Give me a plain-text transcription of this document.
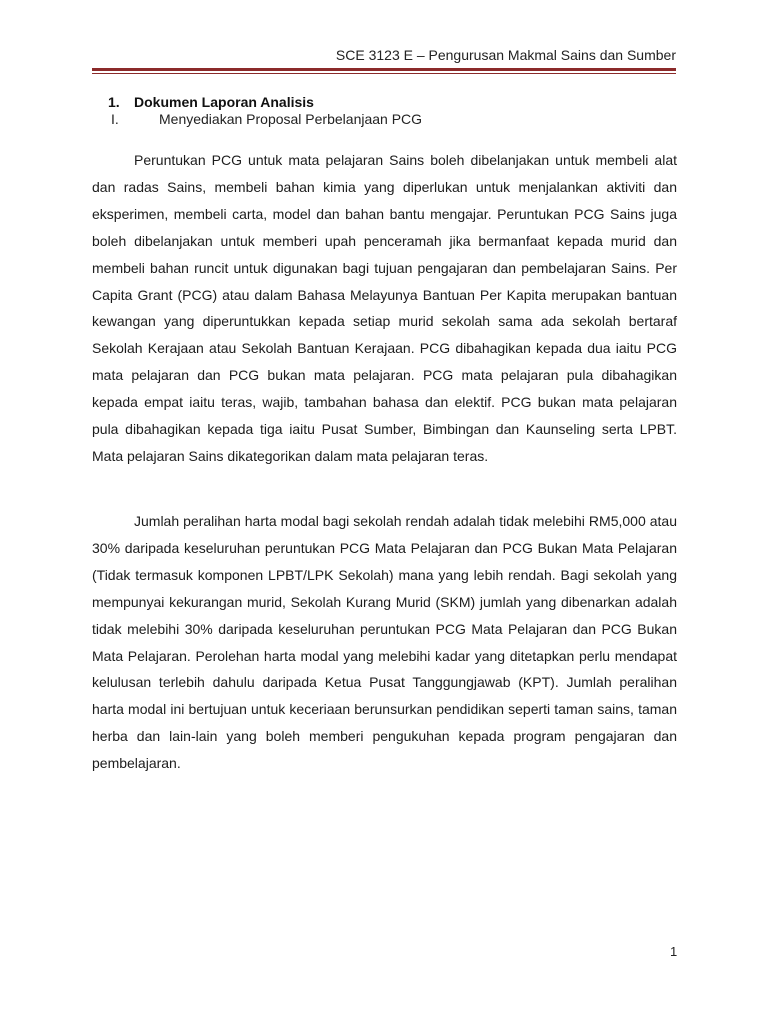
SCE 3123 E – Pengurusan Makmal Sains dan Sumber
1. Dokumen Laporan Analisis
I.	Menyediakan Proposal Perbelanjaan PCG

Peruntukan PCG untuk mata pelajaran Sains boleh dibelanjakan untuk membeli alat dan radas Sains, membeli bahan kimia yang diperlukan untuk menjalankan aktiviti dan eksperimen, membeli carta, model dan bahan bantu mengajar. Peruntukan PCG Sains juga boleh dibelanjakan untuk memberi upah penceramah jika bermanfaat kepada murid dan membeli bahan runcit untuk digunakan bagi tujuan pengajaran dan pembelajaran Sains. Per Capita Grant (PCG) atau dalam Bahasa Melayunya Bantuan Per Kapita merupakan bantuan kewangan yang diperuntukkan kepada setiap murid sekolah sama ada sekolah bertaraf Sekolah Kerajaan atau Sekolah Bantuan Kerajaan. PCG dibahagikan kepada dua iaitu PCG mata pelajaran dan PCG bukan mata pelajaran. PCG mata pelajaran pula dibahagikan kepada empat iaitu teras, wajib, tambahan bahasa dan elektif. PCG bukan mata pelajaran pula dibahagikan kepada tiga iaitu Pusat Sumber, Bimbingan dan Kaunseling serta LPBT. Mata pelajaran Sains dikategorikan dalam mata pelajaran teras.

Jumlah peralihan harta modal bagi sekolah rendah adalah tidak melebihi RM5,000 atau 30% daripada keseluruhan peruntukan PCG Mata Pelajaran dan PCG Bukan Mata Pelajaran (Tidak termasuk komponen LPBT/LPK Sekolah) mana yang lebih rendah. Bagi sekolah yang mempunyai kekurangan murid, Sekolah Kurang Murid (SKM) jumlah yang dibenarkan adalah tidak melebihi 30% daripada keseluruhan peruntukan PCG Mata Pelajaran dan PCG Bukan Mata Pelajaran. Perolehan harta modal yang melebihi kadar yang ditetapkan perlu mendapat kelulusan terlebih dahulu daripada Ketua Pusat Tanggungjawab (KPT). Jumlah peralihan harta modal ini bertujuan untuk keceriaan berunsurkan pendidikan seperti taman sains, taman herba dan lain-lain yang boleh memberi pengukuhan kepada program pengajaran dan pembelajaran.

1
